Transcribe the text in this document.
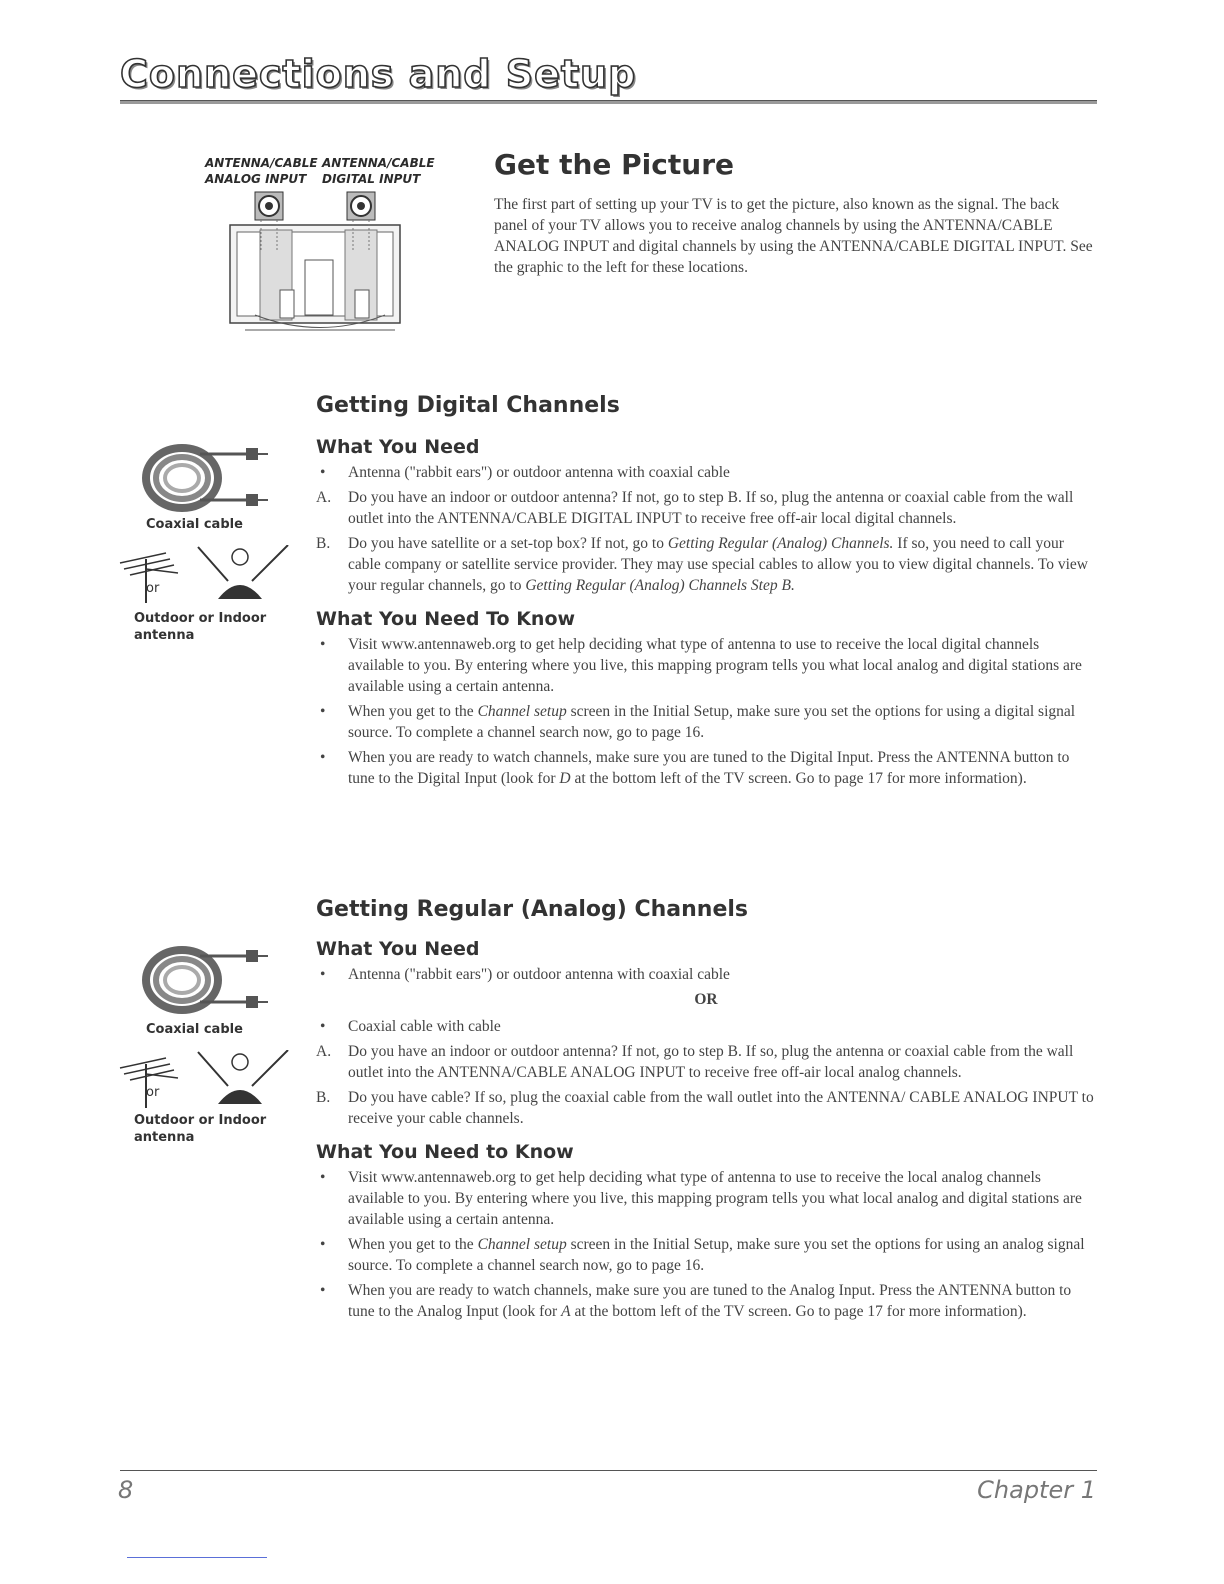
Connections and Setup
ANTENNA/CABLE
ANALOG INPUT
ANTENNA/CABLE
DIGITAL INPUT	Get the Picture
The first part of setting up your TV is to get the picture, also known as the signal. The back panel of your TV allows you to receive analog channels by using the ANTENNA/CABLE ANALOG INPUT and digital channels by using the ANTENNA/CABLE DIGITAL INPUT. See the graphic to the left for these locations.
Coaxial cable
or
Outdoor or Indoor antenna
Getting Digital Channels
What You Need
• Antenna ("rabbit ears") or outdoor antenna with coaxial cable
A. Do you have an indoor or outdoor antenna? If not, go to step B. If so, plug the antenna or coaxial cable from the wall outlet into the ANTENNA/CABLE DIGITAL INPUT to receive free off-air local digital channels.
B. Do you have satellite or a set-top box? If not, go to Getting Regular (Analog) Channels. If so, you need to call your cable company or satellite service provider. They may use special cables to allow you to view digital channels. To view your regular channels, go to Getting Regular (Analog) Channels Step B.
What You Need To Know
• Visit www.antennaweb.org to get help deciding what type of antenna to use to receive the local digital channels available to you. By entering where you live, this mapping program tells you what local analog and digital stations are available using a certain antenna.
• When you get to the Channel setup screen in the Initial Setup, make sure you set the options for using a digital signal source. To complete a channel search now, go to page 16.
• When you are ready to watch channels, make sure you are tuned to the Digital Input. Press the ANTENNA button to tune to the Digital Input (look for D at the bottom left of the TV screen. Go to page 17 for more information).
Coaxial cable
or
Outdoor or Indoor antenna
Getting Regular (Analog) Channels
What You Need
• Antenna ("rabbit ears") or outdoor antenna with coaxial cable
OR
• Coaxial cable with cable
A. Do you have an indoor or outdoor antenna? If not, go to step B. If so, plug the antenna or coaxial cable from the wall outlet into the ANTENNA/CABLE ANALOG INPUT to receive free off-air local analog channels.
B. Do you have cable? If so, plug the coaxial cable from the wall outlet into the ANTENNA/ CABLE ANALOG INPUT to receive your cable channels.
What You Need to Know
• Visit www.antennaweb.org to get help deciding what type of antenna to use to receive the local analog channels available to you. By entering where you live, this mapping program tells you what local analog and digital stations are available using a certain antenna.
• When you get to the Channel setup screen in the Initial Setup, make sure you set the options for using an analog signal source. To complete a channel search now, go to page 16.
• When you are ready to watch channels, make sure you are tuned to the Analog Input. Press the ANTENNA button to tune to the Analog Input (look for A at the bottom left of the TV screen. Go to page 17 for more information).
8	Chapter 1
